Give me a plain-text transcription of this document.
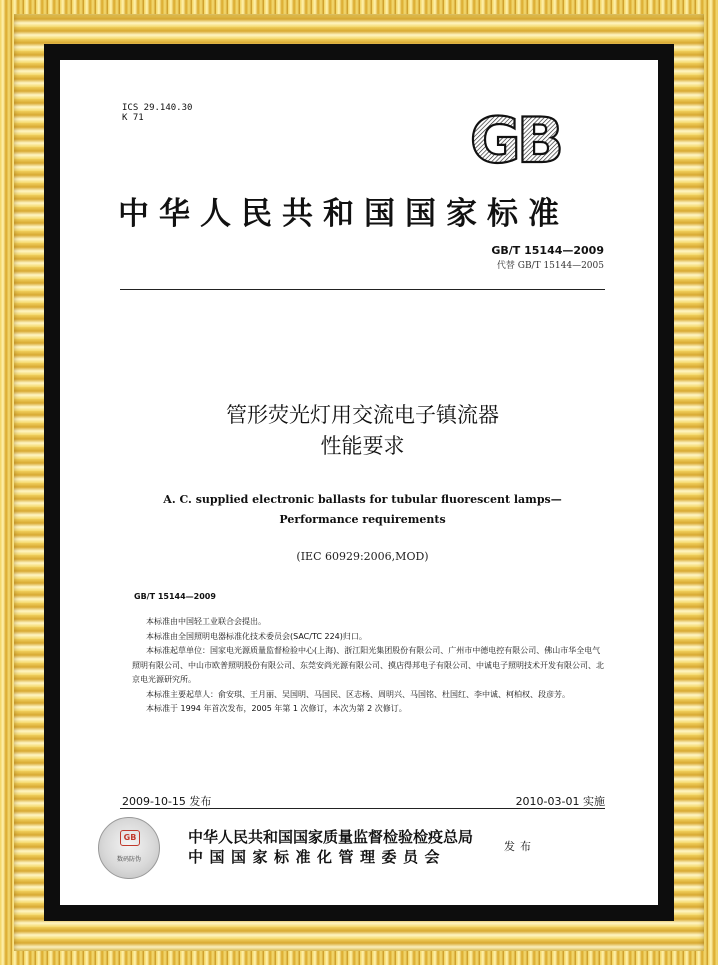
ICS 29.140.30
K 71	GB
中华人民共和国国家标准
GB/T 15144—2009
代替 GB/T 15144—2005
管形荧光灯用交流电子镇流器
性能要求
A. C. supplied electronic ballasts for tubular fluorescent lamps—
Performance requirements
(IEC 60929:2006,MOD)
GB/T 15144—2009

本标准由中国轻工业联合会提出。

本标准由全国照明电器标准化技术委员会(SAC/TC 224)归口。

本标准起草单位：国家电光源质量监督检验中心(上海)、浙江阳光集团股份有限公司、广州市中德电控有限公司、佛山市华全电气照明有限公司、中山市欧普照明股份有限公司、东莞安尚光源有限公司、摸店得邦电子有限公司、中诚电子照明技术开发有限公司、北京电光源研究所。

本标准主要起草人：俞安琪、王月丽、吴国明、马国民、区志杨、周明兴、马国铭、杜国红、李中诚、柯柏权、段彦芳。

本标准于 1994 年首次发布，2005 年第 1 次修订，本次为第 2 次修订。

2009-10-15 发布	2010-03-01 实施
GB
数码防伪
中华人民共和国国家质量监督检验检疫总局
中国国家标准化管理委员会
发布
